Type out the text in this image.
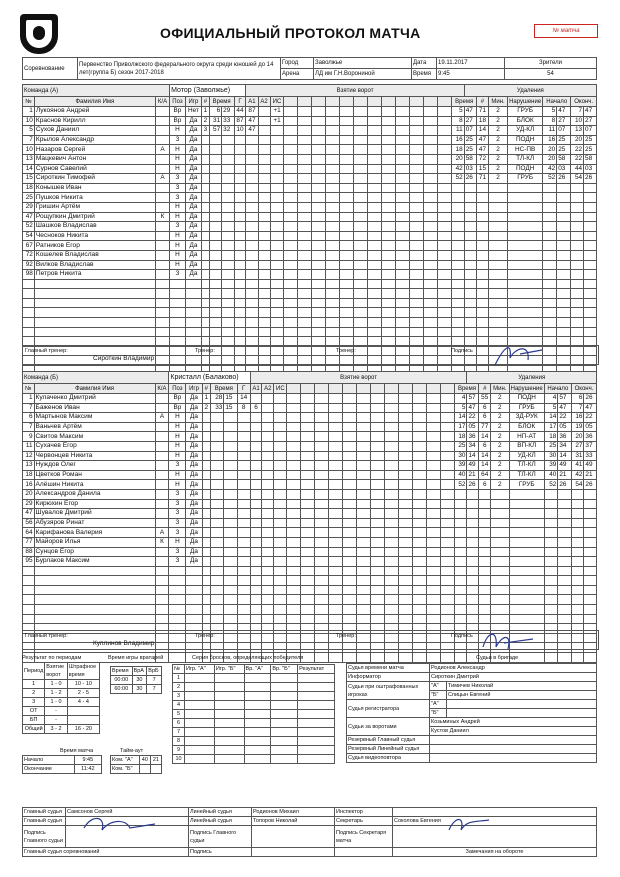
ОФИЦИАЛЬНЫЙ ПРОТОКОЛ МАТЧА	№ матча
Соревнование	Первенство Приволжского федерального округа среди юношей до 14 лет(группа Б) сезон 2017-2018	Город	Заволжье	Дата	19.11.2017	Зрители
		Арена	ЛД им Г.Н.Ворониной	Время	9:45	54
Команда (А)			Мотор (Заволжье)						Взятие ворот																Удаления							
№	Фамилия Имя	К/А	Поз	Игр	#	Время		Г	А1	А2	ИС													Время		#	Мин.	Нарушение	Начало		Оконч.	
1	Лукоянов Андрей		Вр	Нет	1	6	29	44	87		+1													5	47	71	2	ГРУБ	5	47	7	47
10	Краснов Кирилл		Вр	Да	2	31	33	87	47		+1													8	27	18	2	БЛОК	8	27	10	27
5	Сухов Даниил		Н	Да	3	57	32	10	47															11	07	14	2	УД-КЛ	11	07	13	07
7	Крылов Александр		З	Да																				16	25	47	2	ПОДН	16	25	20	25
10	Назаров Сергей	А	Н	Да																				18	25	47	2	НС-ПВ	20	25	22	25
13	Мацкевич Антон		Н	Да																				20	58	72	2	ТЛ-КЛ	20	58	22	58
14	Сурнов Савелий		Н	Да																				42	03	15	2	ПОДН	42	03	44	03
15	Сироткин Тимофей	А	З	Да																				52	26	71	2	ГРУБ	52	26	54	26
18	Конышев Иван		З	Да																												
25	Пушков Никита		З	Да																												
29	Гришин Артём		Н	Да																												
47	Рощупкин Дмитрий	К	Н	Да																												
52	Шашков Владислав		З	Да																												
54	Чесноков Никита		Н	Да																												
67	Ратников Егор		Н	Да																												
72	Кошелев Владислав		Н	Да																												
92	Вилков Владислав		Н	Да																												
98	Петров Никита		З	Да																												

Главный тренер:
Сироткин Владимир
Тренер:	Тренер:	Подпись
Команда (Б)			Кристалл (Балаково)						Взятие ворот																Удаления							
№	Фамилия Имя	К/А	Поз	Игр	#	Время		Г	А1	А2	ИС													Время		#	Мин.	Нарушение	Начало		Оконч.	
1	Кулаченко Дмитрий		Вр	Да	1	28	15	14																4	57	55	2	ПОДН	4	57	6	26
7	Баженов Иван		Вр	Да	2	33	15	8	6															5	47	6	2	ГРУБ	5	47	7	47
6	Мартынов Максим	А	Н	Да																				14	22	6	2	ЗД-РУК	14	22	16	22
7	Ваньчев Артём		Н	Да																				17	05	77	2	БЛОК	17	05	19	05
9	Свитов Максим		Н	Да																				18	36	14	2	НП-АТ	18	36	20	36
11	Сухачев Егор		Н	Да																				25	34	6	2	ВП-КЛ	25	34	27	37
12	Червонцев Никита		Н	Да																				30	14	14	2	УД-КЛ	30	14	31	33
13	Нуждов Олег		З	Да																				39	49	14	2	ТЛ-КЛ	39	49	41	49
18	Цветков Роман		Н	Да																				40	21	64	2	ТЛ-КЛ	40	21	42	21
16	Алёшин Никита		Н	Да																				52	26	6	2	ГРУБ	52	26	54	26
20	Александров Данила		З	Да																												
29	Кирюхин Егор		З	Да																												
47	Шувалов Дмитрий		З	Да																												
56	Абузяров Ринат		З	Да																												
64	Карифанова Валерия	А	З	Да																												
77	Майоров Илья	К	Н	Да																												
88	Сунцов Егор		З	Да																												
95	Бурлаков Максим		З	Да																												

Главный тренер:
Куплинов Владимир
Тренер:	Тренер:	Подпись
Результат по периодам
Период	Взятие ворот	Штрафное время
1	1 - 0	10 - 10
2	1 - 2	2 - 5
3	1 - 0	4 - 4
ОТ	-	
БП	-	
Общий	3 - 2	16 - 20
Время игры вратарей
Время	ВрА	ВрБ
00:00	30	7
60:00	30	7
Время матча
Начало	9:45
Окончание	11:42
Тайм-аут
Ком. "А"	40	21
Ком. "Б"		
Серия бросков, определяющих победителя
№	Игр. "А"	Игр. "Б"	Вр. "А"	Вр. "Б"	Результат
1					
2					
3					
4					
5					
6					
7					
8					
9					
10					
Судьи в бригаде
Судья времени матча	Родионов Александр	
Информатор	Сироткин Дмитрий	
Судьи при оштрафованных игроках	"А"	Тимичев Николай
	"Б"	Спицын Евгений
Судья регистратора	"А"	
	"Б"	
Судьи за воротами	Козьминых Андрей	
	Кустов Даниил	
Резервный Главный судья		
Резервный Линейный судья		
Судья видеоповтора		
Главный судья	Самсонов Сергей	Линейный судья	Родионов Михаил	Инспектор	
Главный судья		Линейный судья	Топоров Николай	Секретарь	Соколова Евгения
Подпись Главного судьи		Подпись Главного судьи		Подпись Секретаря матча	
Главный судья соревнований		Подпись			Замечания на обороте
